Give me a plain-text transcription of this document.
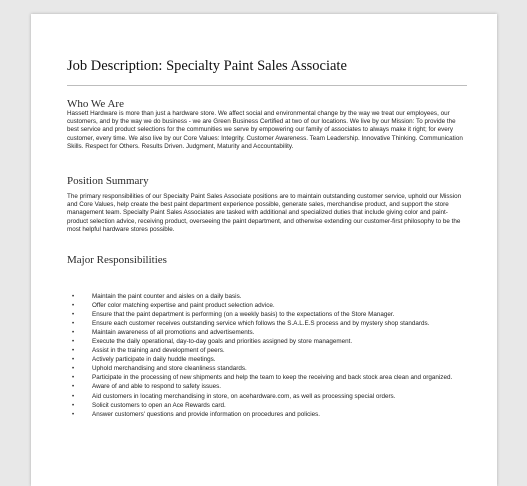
Job Description: Specialty Paint Sales Associate
Who We Are
Hassett Hardware is more than just a hardware store. We affect social and environmental change by the way we treat our employees, our customers, and by the way we do business - we are Green Business Certified at two of our locations. We live by our Mission: To provide the best service and product selections for the communities we serve by empowering our family of associates to always make it right; for every customer, every time. We also live by our Core Values: Integrity. Customer Awareness. Team Leadership. Innovative Thinking. Communication Skills. Respect for Others. Results Driven. Judgment, Maturity and Accountability.
Position Summary
The primary responsibilities of our Specialty Paint Sales Associate positions are to maintain outstanding customer service, uphold our Mission and Core Values, help create the best paint department experience possible, generate sales, merchandise product, and support the store management team. Specialty Paint Sales Associates are tasked with additional and specialized duties that include giving color and paint-product selection advice, receiving product, overseeing the paint department, and otherwise extending our customer-first philosophy to be the most helpful hardware stores possible.
Major Responsibilities
•	Maintain the paint counter and aisles on a daily basis.
•	Offer color matching expertise and paint product selection advice.
•	Ensure that the paint department is performing (on a weekly basis) to the expectations of the Store Manager.
•	Ensure each customer receives outstanding service which follows the S.A.L.E.S process and by mystery shop standards.
•	Maintain awareness of all promotions and advertisements.
•	Execute the daily operational, day-to-day goals and priorities assigned by store management.
•	Assist in the training and development of peers.
•	Actively participate in daily huddle meetings.
•	Uphold merchandising and store cleanliness standards.
•	Participate in the processing of new shipments and help the team to keep the receiving and back stock area clean and organized.
•	Aware of and able to respond to safety issues.
•	Aid customers in locating merchandising in store, on acehardware.com, as well as processing special orders.
•	Solicit customers to open an Ace Rewards card.
•	Answer customers' questions and provide information on procedures and policies.
